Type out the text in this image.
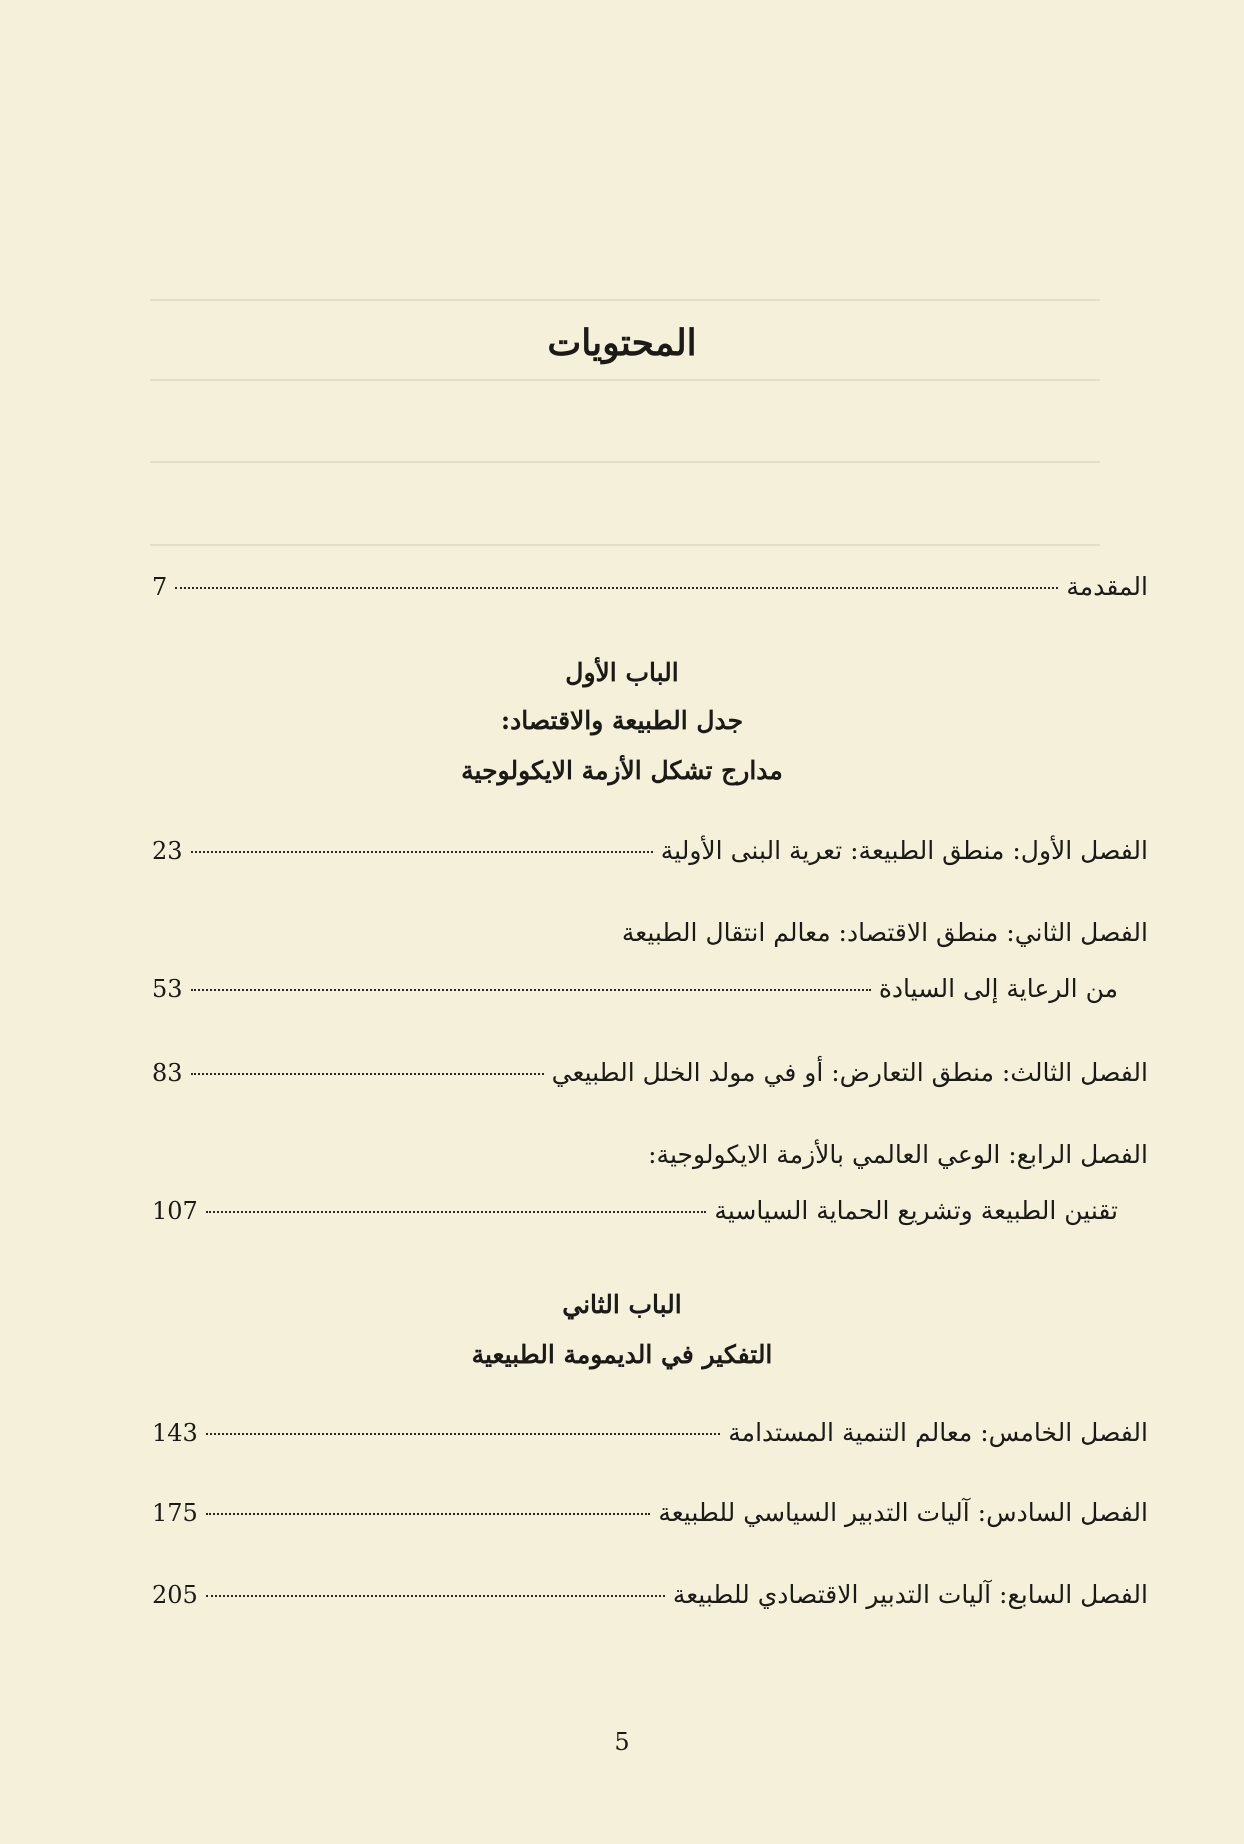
المحتويات
المقدمة
7
الباب الأول
جدل الطبيعة والاقتصاد:
مدارج تشكل الأزمة الايكولوجية
الفصل الأول: منطق الطبيعة: تعرية البنى الأولية
23
الفصل الثاني: منطق الاقتصاد: معالم انتقال الطبيعة
من الرعاية إلى السيادة
53
الفصل الثالث: منطق التعارض: أو في مولد الخلل الطبيعي
83
الفصل الرابع: الوعي العالمي بالأزمة الايكولوجية:
تقنين الطبيعة وتشريع الحماية السياسية
107
الباب الثاني
التفكير في الديمومة الطبيعية
الفصل الخامس: معالم التنمية المستدامة
143
الفصل السادس: آليات التدبير السياسي للطبيعة
175
الفصل السابع: آليات التدبير الاقتصادي للطبيعة
205
5
